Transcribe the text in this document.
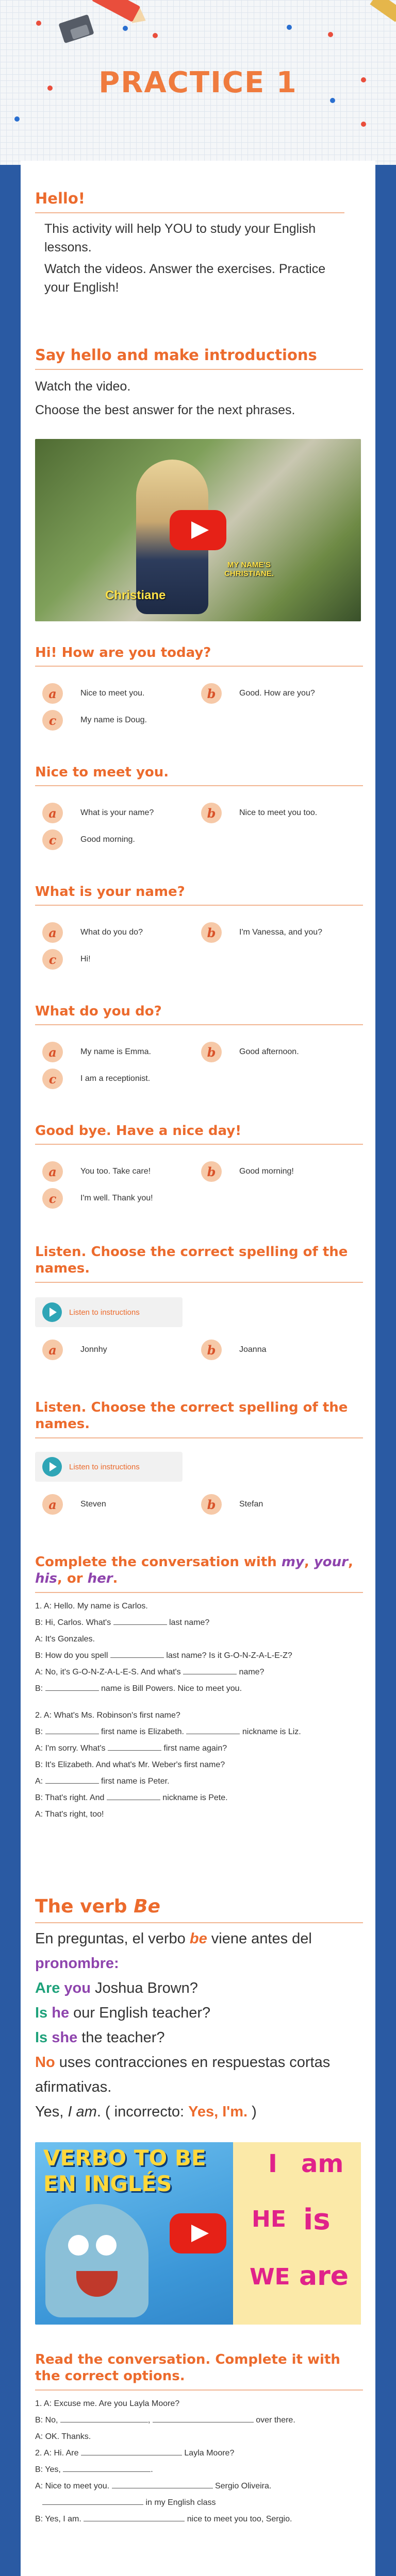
PRACTICE 1
Hello!
This activity will help YOU to study your English lessons.
Watch the videos. Answer the exercises. Practice your English!
Say hello and make introductions
Watch the video.
Choose the best answer for the next phrases.
MY NAME'S
CHRISTIANE.
Christiane
Hi! How are you today?
a	Nice to meet you.	b	Good. How are you?
c	My name is Doug.
Nice to meet you.
a	What is your name?	b	Nice to meet you too.
c	Good morning.
What is your name?
a	What do you do?	b	I'm Vanessa, and you?
c	Hi!
What do you do?
a	My name is Emma.	b	Good afternoon.
c	I am a receptionist.
Good bye. Have a nice day!
a	You too. Take care!	b	Good morning!
c	I'm well. Thank you!
Listen. Choose the correct spelling of the names.
Listen to instructions
a	Jonnhy	b	Joanna
Listen. Choose the correct spelling of the names.
Listen to instructions
a	Steven	b	Stefan
Complete the conversation with my, your, his, or her.
1. A: Hello. My name is Carlos.
B: Hi, Carlos. What's	last name?
A: It's Gonzales.
B: How do you spell	last name? Is it G-O-N-Z-A-L-E-Z?
A: No, it's G-O-N-Z-A-L-E-S. And what's	name?
B:	name is Bill Powers. Nice to meet you.
2. A: What's Ms. Robinson's first name?
B:	first name is Elizabeth.	nickname is Liz.
A: I'm sorry. What's	first name again?
B: It's Elizabeth. And what's Mr. Weber's first name?
A:	first name is Peter.
B: That's right. And	nickname is Pete.
A: That's right, too!
The verb Be
En preguntas, el verbo be viene antes del
pronombre:
Are you Joshua Brown?
Is he our English teacher?
Is she the teacher?
No uses contracciones en respuestas cortas
afirmativas.
Yes, I am. ( incorrecto: Yes, I'm. )
VERBO TO BE
EN INGLÉS
I am
HE is
WE are
Read the conversation. Complete it with the correct options.
1. A: Excuse me. Are you Layla Moore?
B: No,	,	over there.
A: OK. Thanks.
2. A: Hi. Are	Layla Moore?
B: Yes,	.
A: Nice to meet you.	Sergio Oliveira.
in my English class
B: Yes, I am.	nice to meet you too, Sergio.
